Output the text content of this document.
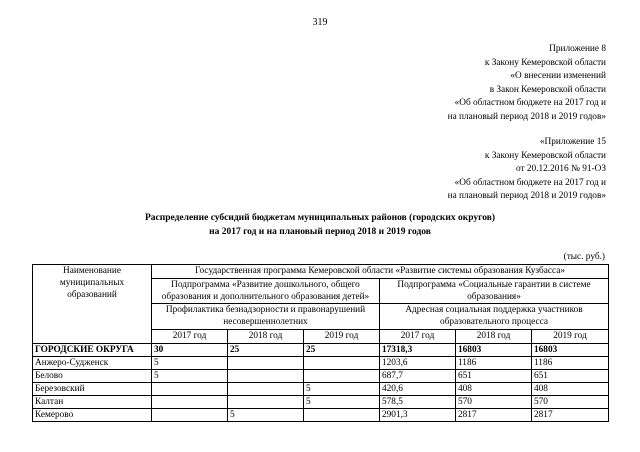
319
Приложение 8
к Закону Кемеровской области
«О внесении изменений
в Закон Кемеровской области
«Об областном бюджете на 2017 год и
на плановый период 2018 и 2019 годов»
«Приложение 15
к Закону Кемеровской области
от 20.12.2016 № 91-ОЗ
«Об областном бюджете на 2017 год и
на плановый период 2018 и 2019 годов»
Распределение субсидий бюджетам муниципальных районов (городских округов)
на 2017 год и на плановый период 2018 и 2019 годов
(тыс. руб.)
Наименование муниципальных образований	Государственная программа Кемеровской области «Развитие системы образования Кузбасса»					
	Подпрограмма «Развитие дошкольного, общего образования и дополнительного образования детей»			Подпрограмма «Социальные гарантии в системе образования»		
	Профилактика безнадзорности и правонарушений несовершеннолетних			Адресная социальная поддержка участников образовательного процесса		
	2017 год	2018 год	2019 год	2017 год	2018 год	2019 год
ГОРОДСКИЕ ОКРУГА	30	25	25	17318,3	16803	16803
Анжеро-Судженск	5			1203,6	1186	1186
Белово	5			687,7	651	651
Березовский			5	420,6	408	408
Калтан			5	578,5	570	570
Кемерово		5		2901,3	2817	2817
